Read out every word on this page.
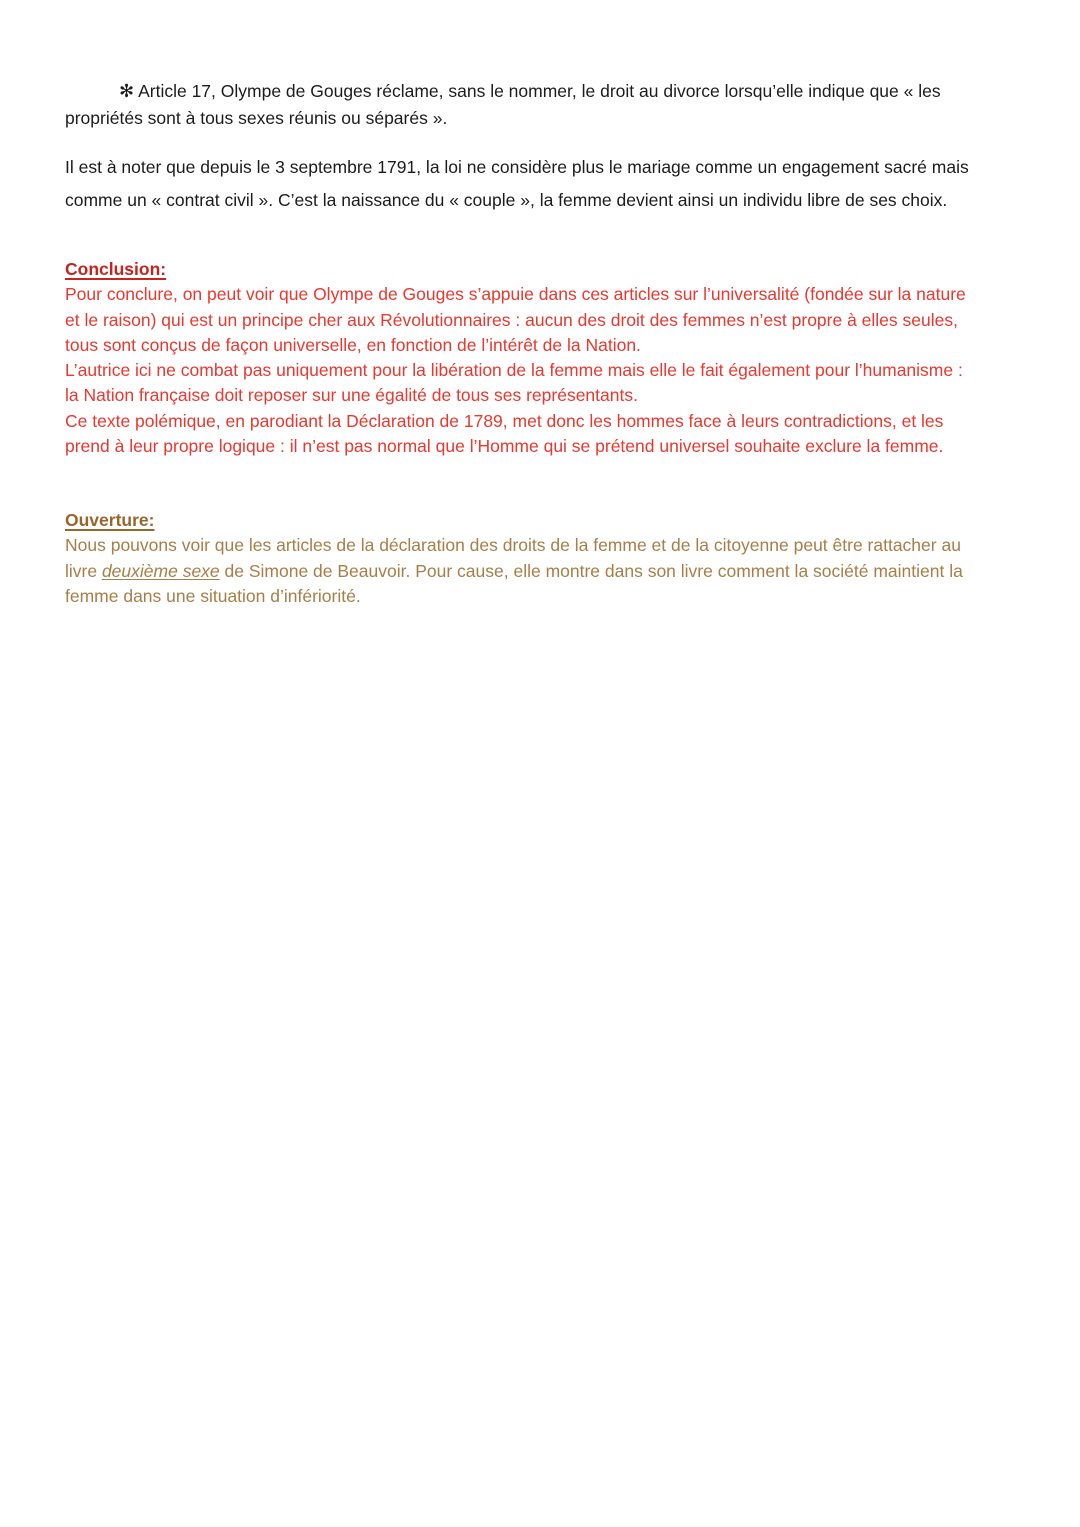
✻ Article 17, Olympe de Gouges réclame, sans le nommer, le droit au divorce lorsqu’elle indique que « les
propriétés sont à tous sexes réunis ou séparés ».
Il est à noter que depuis le 3 septembre 1791, la loi ne considère plus le mariage comme un engagement sacré mais
comme un « contrat civil ». C’est la naissance du « couple », la femme devient ainsi un individu libre de ses choix.
Conclusion:
Pour conclure, on peut voir que Olympe de Gouges s’appuie dans ces articles sur l’universalité (fondée sur la nature
et le raison) qui est un principe cher aux Révolutionnaires : aucun des droit des femmes n’est propre à elles seules,
tous sont conçus de façon universelle, en fonction de l’intérêt de la Nation.
L’autrice ici ne combat pas uniquement pour la libération de la femme mais elle le fait également pour l’humanisme :
la Nation française doit reposer sur une égalité de tous ses représentants.
Ce texte polémique, en parodiant la Déclaration de 1789, met donc les hommes face à leurs contradictions, et les
prend à leur propre logique : il n’est pas normal que l’Homme qui se prétend universel souhaite exclure la femme.
Ouverture:
Nous pouvons voir que les articles de la déclaration des droits de la femme et de la citoyenne peut être rattacher au
livre deuxième sexe de Simone de Beauvoir. Pour cause, elle montre dans son livre comment la société maintient la
femme dans une situation d’infériorité.
